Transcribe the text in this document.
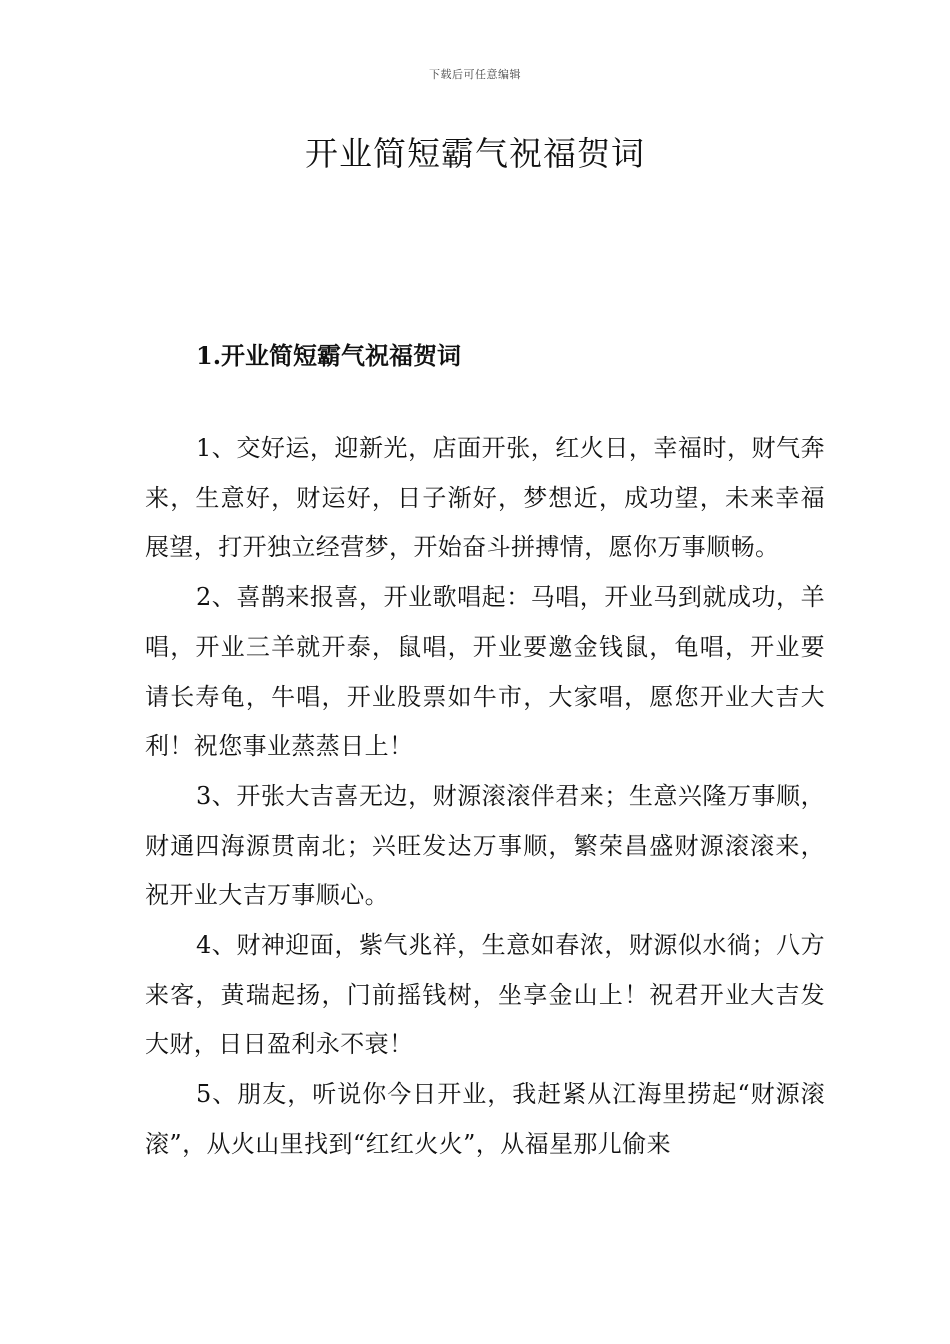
下载后可任意编辑
开业简短霸气祝福贺词
1.开业简短霸气祝福贺词

1、交好运，迎新光，店面开张，红火日，幸福时，财气奔来，生意好，财运好，日子渐好，梦想近，成功望，未来幸福展望，打开独立经营梦，开始奋斗拼搏情，愿你万事顺畅。

2、喜鹊来报喜，开业歌唱起：马唱，开业马到就成功，羊唱，开业三羊就开泰，鼠唱，开业要邀金钱鼠，龟唱，开业要请长寿龟，牛唱，开业股票如牛市，大家唱，愿您开业大吉大利！祝您事业蒸蒸日上！

3、开张大吉喜无边，财源滚滚伴君来；生意兴隆万事顺，财通四海源贯南北；兴旺发达万事顺，繁荣昌盛财源滚滚来，祝开业大吉万事顺心。

4、财神迎面，紫气兆祥，生意如春浓，财源似水徜；八方来客，黄瑞起扬，门前摇钱树，坐享金山上！祝君开业大吉发大财，日日盈利永不衰！

5、朋友，听说你今日开业，我赶紧从江海里捞起“财源滚滚”，从火山里找到“红红火火”，从福星那儿偷来
